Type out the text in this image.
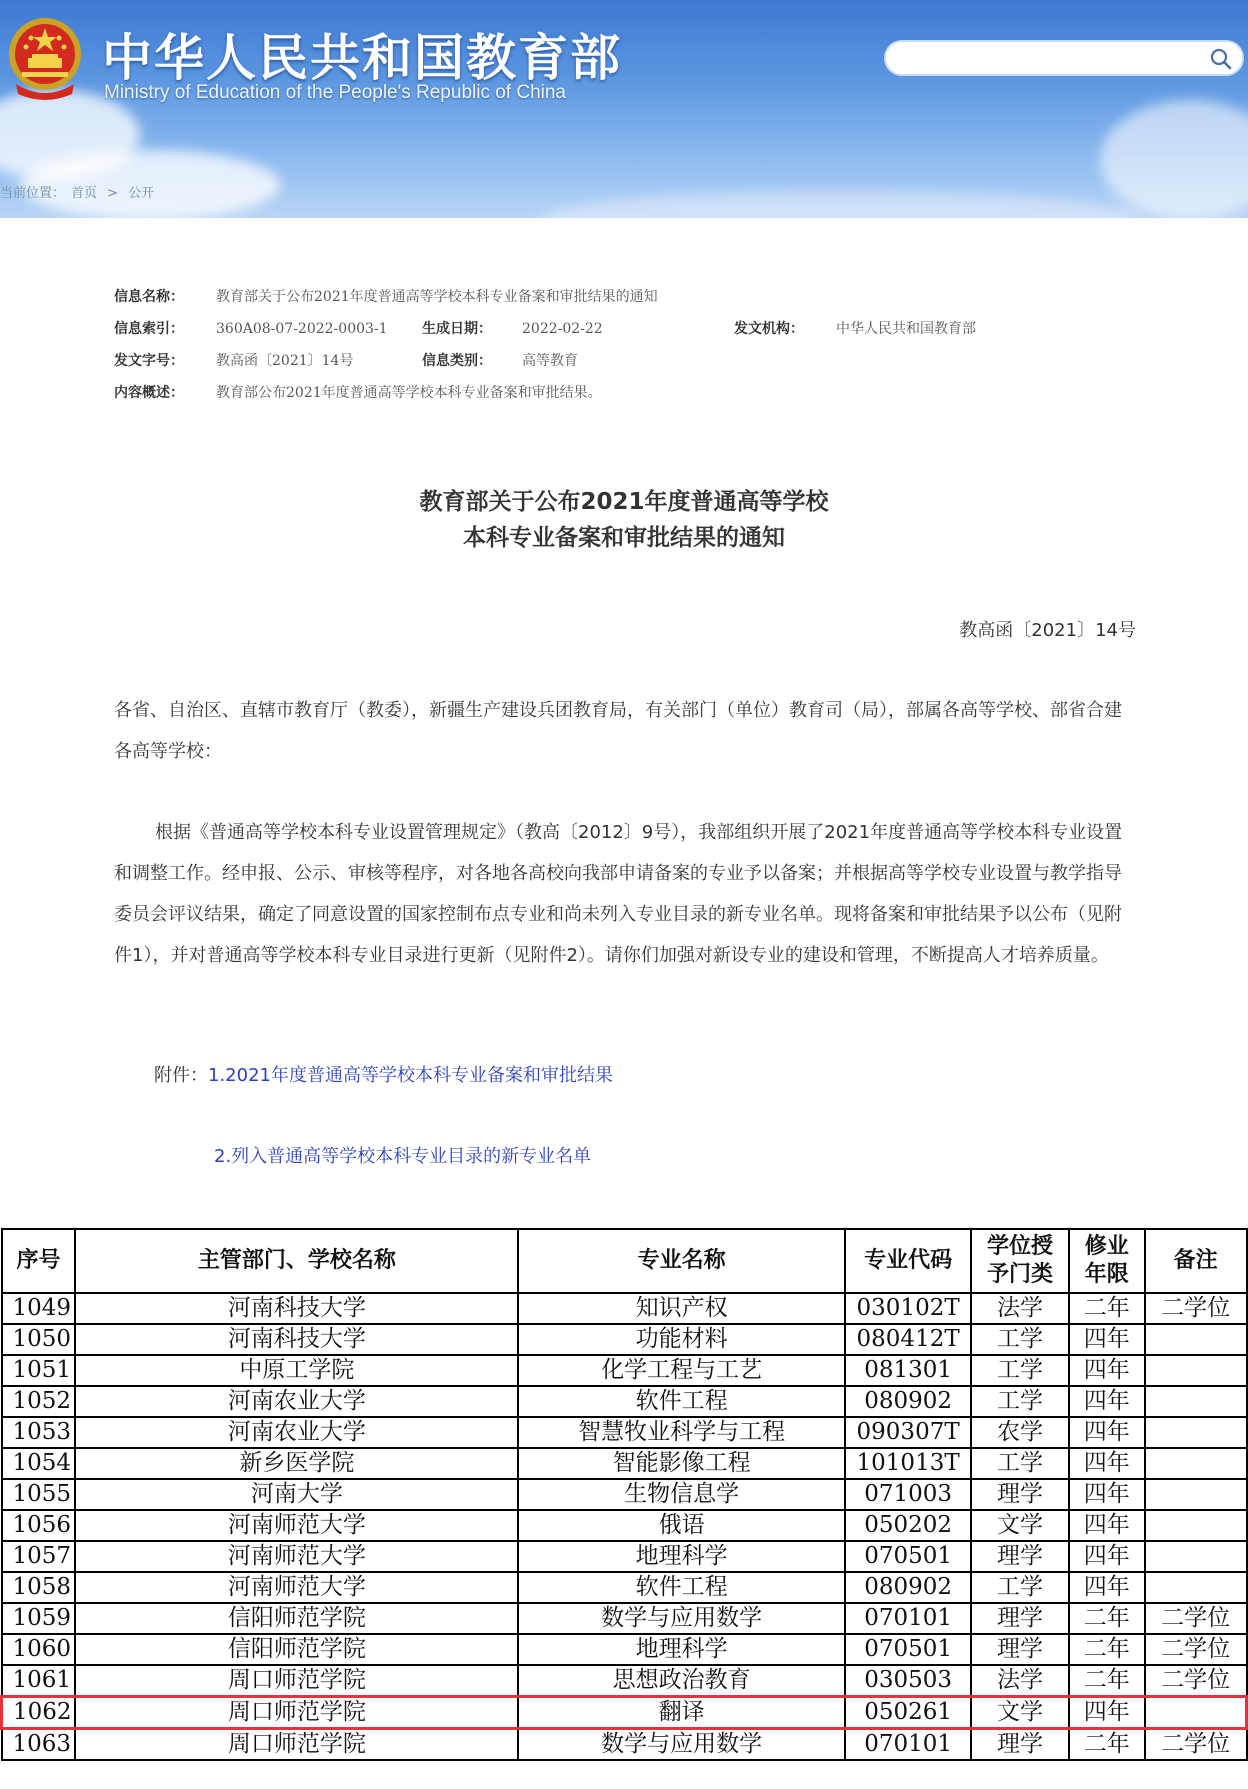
中华人民共和国教育部
Ministry of Education of the People's Republic of China
当前位置： 首页 > 公开
信息名称： 教育部关于公布2021年度普通高等学校本科专业备案和审批结果的通知
信息索引： 360A08-07-2022-0003-1 生成日期： 2022-02-22	发文机构： 中华人民共和国教育部
发文字号： 教高函〔2021〕14号	信息类别： 高等教育
内容概述： 教育部公布2021年度普通高等学校本科专业备案和审批结果。
教育部关于公布2021年度普通高等学校
本科专业备案和审批结果的通知
教高函〔2021〕14号
各省、自治区、直辖市教育厅（教委），新疆生产建设兵团教育局，有关部门（单位）教育司（局），部属各高等学校、部省合建各高等学校：
根据《普通高等学校本科专业设置管理规定》（教高〔2012〕9号），我部组织开展了2021年度普通高等学校本科专业设置和调整工作。经申报、公示、审核等程序，对各地各高校向我部申请备案的专业予以备案；并根据高等学校专业设置与教学指导委员会评议结果，确定了同意设置的国家控制布点专业和尚未列入专业目录的新专业名单。现将备案和审批结果予以公布（见附件1），并对普通高等学校本科专业目录进行更新（见附件2）。请你们加强对新设专业的建设和管理，不断提高人才培养质量。
附件：1.2021年度普通高等学校本科专业备案和审批结果
2.列入普通高等学校本科专业目录的新专业名单
序号	主管部门、学校名称	专业名称	专业代码	学位授予门类	修业年限	备注
1049	河南科技大学	知识产权	030102T	法学	二年	二学位
1050	河南科技大学	功能材料	080412T	工学	四年	
1051	中原工学院	化学工程与工艺	081301	工学	四年	
1052	河南农业大学	软件工程	080902	工学	四年	
1053	河南农业大学	智慧牧业科学与工程	090307T	农学	四年	
1054	新乡医学院	智能影像工程	101013T	工学	四年	
1055	河南大学	生物信息学	071003	理学	四年	
1056	河南师范大学	俄语	050202	文学	四年	
1057	河南师范大学	地理科学	070501	理学	四年	
1058	河南师范大学	软件工程	080902	工学	四年	
1059	信阳师范学院	数学与应用数学	070101	理学	二年	二学位
1060	信阳师范学院	地理科学	070501	理学	二年	二学位
1061	周口师范学院	思想政治教育	030503	法学	二年	二学位
1062	周口师范学院	翻译	050261	文学	四年	
1063	周口师范学院	数学与应用数学	070101	理学	二年	二学位
